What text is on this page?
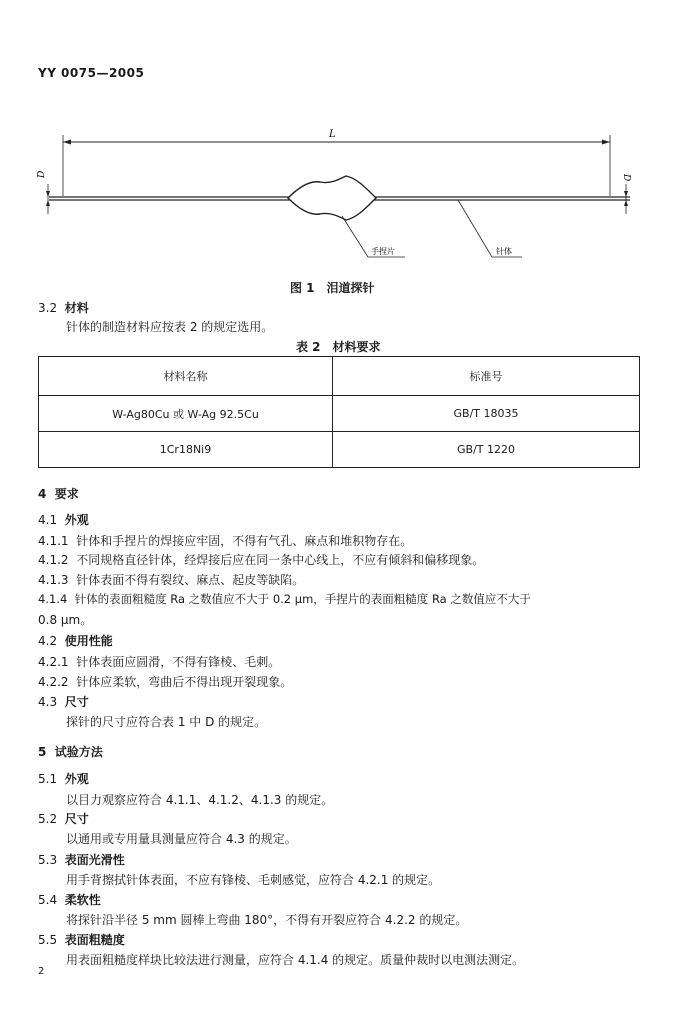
YY 0075—2005
L
D	D
手捏片	针体
图 1　泪道探针
3.2 材料
针体的制造材料应按表 2 的规定选用。
表 2　材料要求
材料名称	标准号
W-Ag80Cu 或 W-Ag 92.5Cu	GB/T 18035
1Cr18Ni9	GB/T 1220
4 要求
4.1 外观
4.1.1 针体和手捏片的焊接应牢固，不得有气孔、麻点和堆积物存在。
4.1.2 不同规格直径针体，经焊接后应在同一条中心线上，不应有倾斜和偏移现象。
4.1.3 针体表面不得有裂纹、麻点、起皮等缺陷。
4.1.4 针体的表面粗糙度 Ra 之数值应不大于 0.2 μm，手捏片的表面粗糙度 Ra 之数值应不大于
0.8 μm。
4.2 使用性能
4.2.1 针体表面应圆滑，不得有锋棱、毛刺。
4.2.2 针体应柔软，弯曲后不得出现开裂现象。
4.3 尺寸
探针的尺寸应符合表 1 中 D 的规定。
5 试验方法
5.1 外观
以目力观察应符合 4.1.1、4.1.2、4.1.3 的规定。
5.2 尺寸
以通用或专用量具测量应符合 4.3 的规定。
5.3 表面光滑性
用手背擦拭针体表面，不应有锋棱、毛刺感觉，应符合 4.2.1 的规定。
5.4 柔软性
将探针沿半径 5 mm 圆棒上弯曲 180°，不得有开裂应符合 4.2.2 的规定。
5.5 表面粗糙度
用表面粗糙度样块比较法进行测量，应符合 4.1.4 的规定。质量仲裁时以电测法测定。
2
